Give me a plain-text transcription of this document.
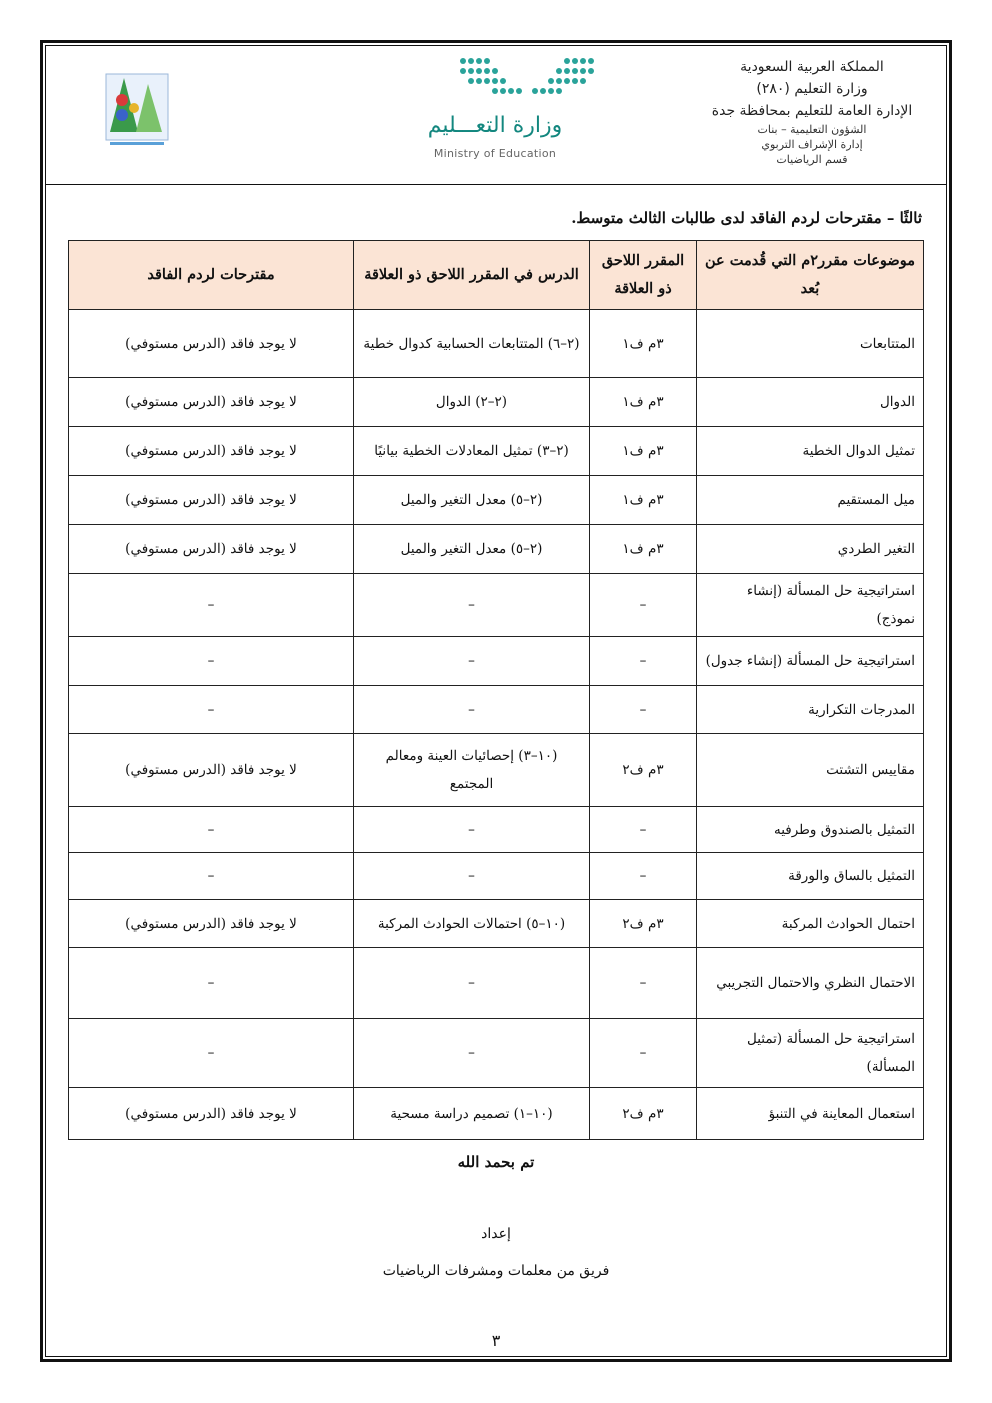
المملكة العربية السعودية
وزارة التعليم (٢٨٠)
الإدارة العامة للتعليم بمحافظة جدة
الشؤون التعليمية – بنات
إدارة الإشراف التربوي
قسم الرياضيات
وزارة التعـــليم
Ministry of Education
ثالثًا – مقترحات لردم الفاقد لدى طالبات الثالث متوسط.
موضوعات مقرر٢م التي قُدمت عن بُعد	المقرر اللاحق ذو العلاقة	الدرس في المقرر اللاحق ذو العلاقة	مقترحات لردم الفاقد
المتتابعات	٣م ف١	(٢–٦) المتتابعات الحسابية كدوال خطية	لا يوجد فاقد (الدرس مستوفي)
الدوال	٣م ف١	(٢–٢) الدوال	لا يوجد فاقد (الدرس مستوفي)
تمثيل الدوال الخطية	٣م ف١	(٢–٣) تمثيل المعادلات الخطية بيانيًا	لا يوجد فاقد (الدرس مستوفي)
ميل المستقيم	٣م ف١	(٢–٥) معدل التغير والميل	لا يوجد فاقد (الدرس مستوفي)
التغير الطردي	٣م ف١	(٢–٥) معدل التغير والميل	لا يوجد فاقد (الدرس مستوفي)
استراتيجية حل المسألة (إنشاء نموذج)	–	–	–
استراتيجية حل المسألة (إنشاء جدول)	–	–	–
المدرجات التكرارية	–	–	–
مقاييس التشتت	٣م ف٢	(١٠–٣) إحصائيات العينة ومعالم المجتمع	لا يوجد فاقد (الدرس مستوفي)
التمثيل بالصندوق وطرفيه	–	–	–
التمثيل بالساق والورقة	–	–	–
احتمال الحوادث المركبة	٣م ف٢	(١٠–٥) احتمالات الحوادث المركبة	لا يوجد فاقد (الدرس مستوفي)
الاحتمال النظري والاحتمال التجريبي	–	–	–
استراتيجية حل المسألة (تمثيل المسألة)	–	–	–
استعمال المعاينة في التنبؤ	٣م ف٢	(١٠–١) تصميم دراسة مسحية	لا يوجد فاقد (الدرس مستوفي)
تم بحمد الله
إعداد
فريق من معلمات ومشرفات الرياضيات
٣
